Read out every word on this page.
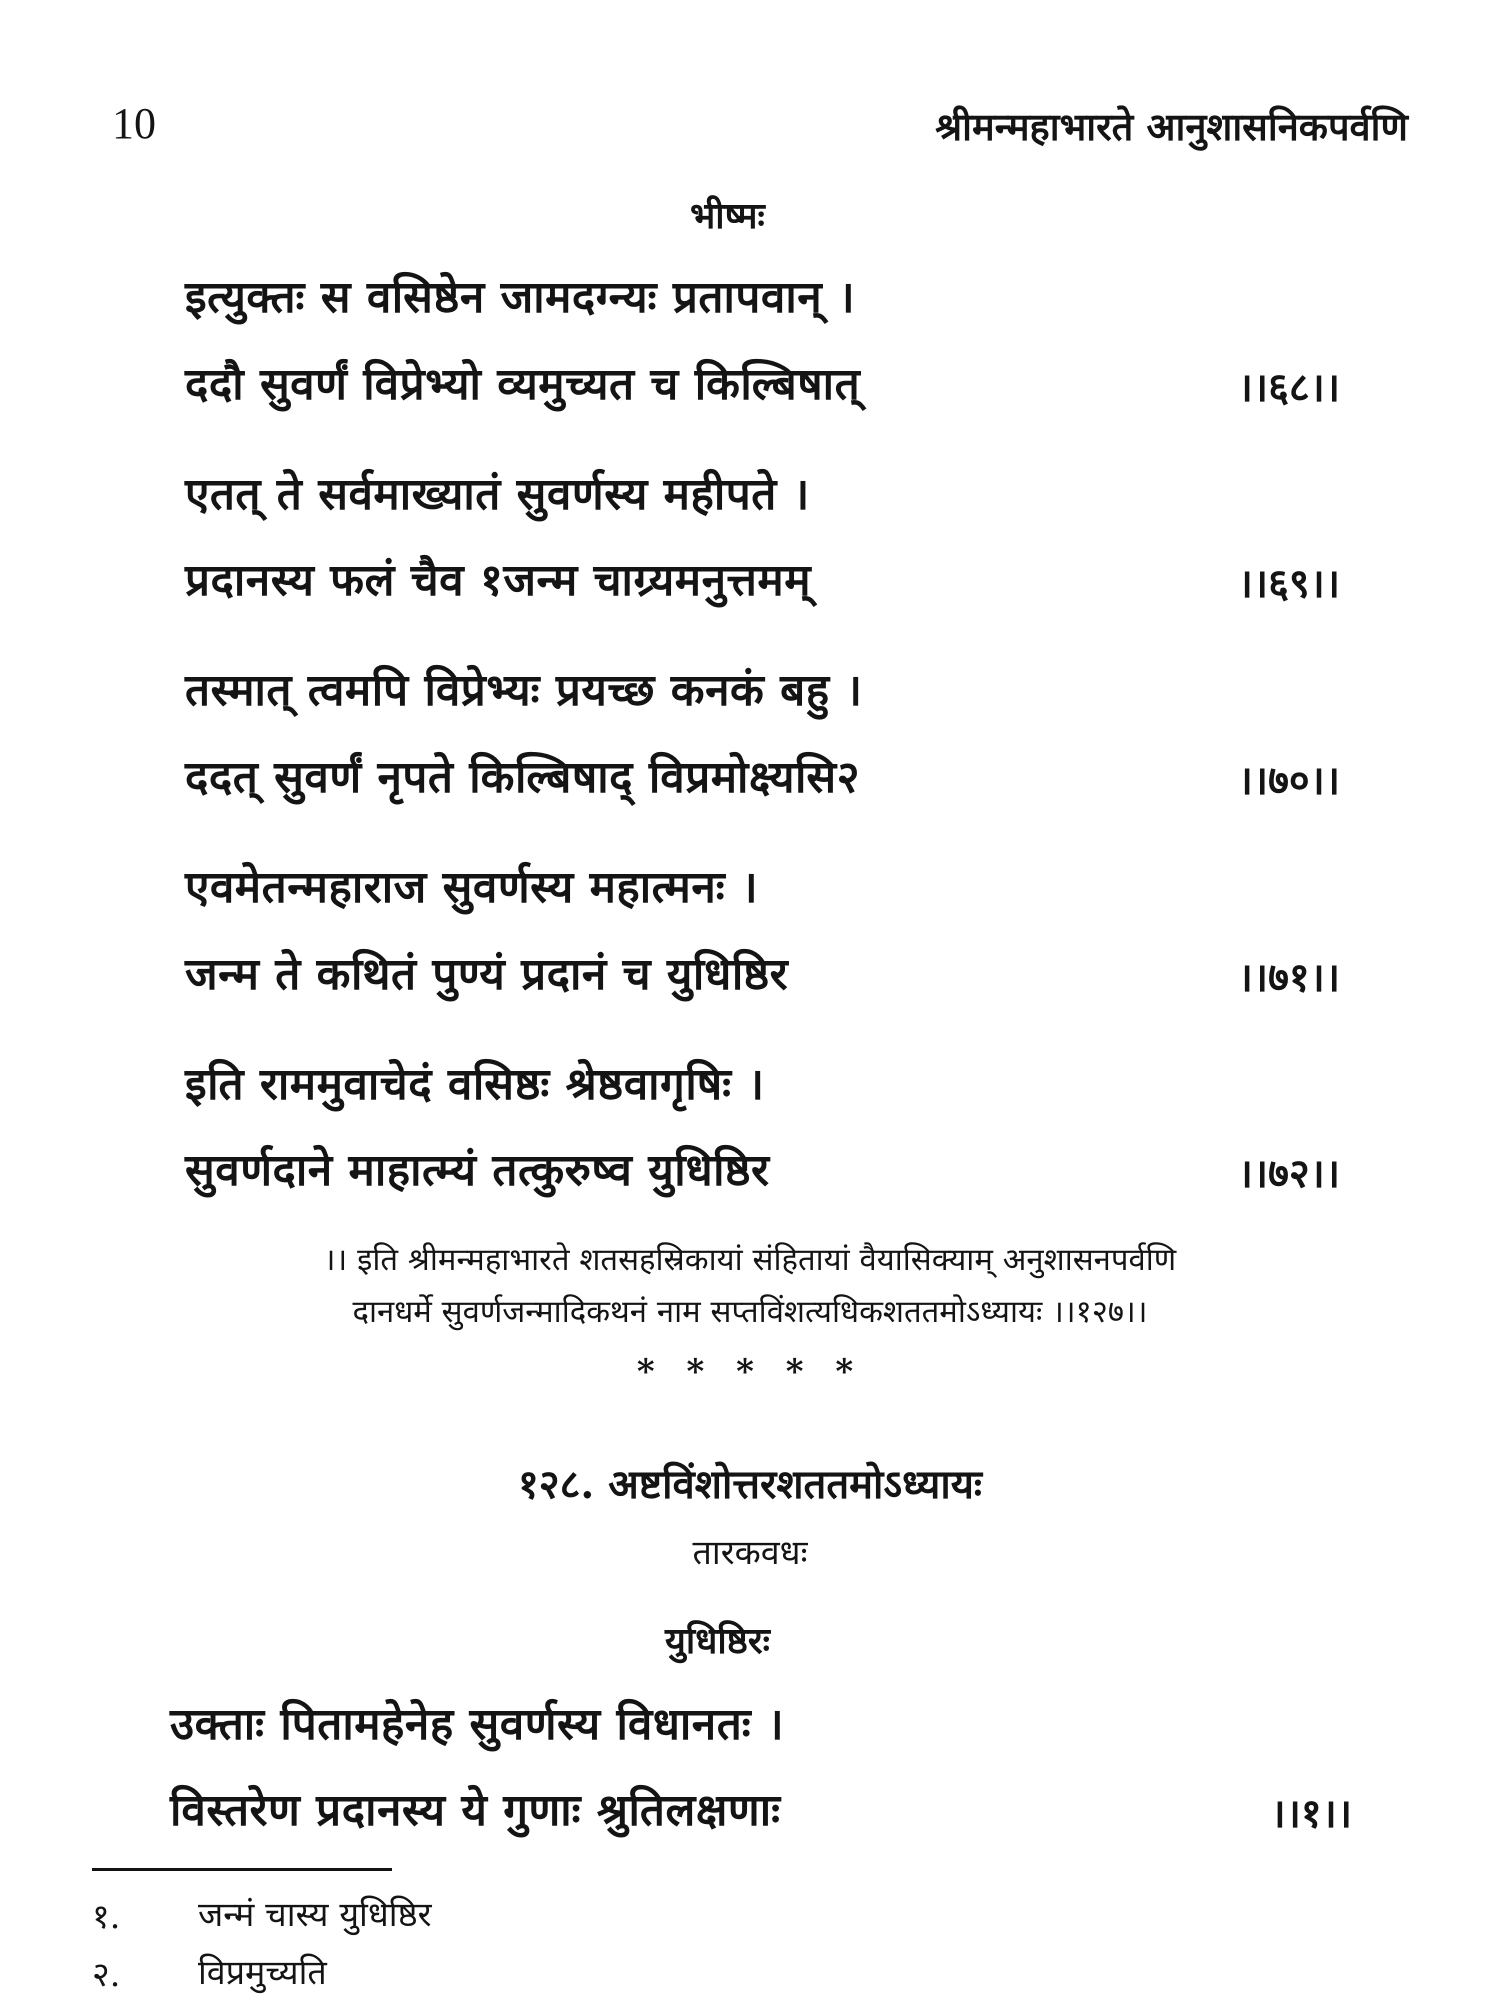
10	श्रीमन्महाभारते आनुशासनिकपर्वणि
भीष्मः
इत्युक्तः स वसिष्ठेन जामदग्न्यः प्रतापवान् ।
ददौ सुवर्णं विप्रेभ्यो व्यमुच्यत च किल्बिषात्	।।६८।।
एतत् ते सर्वमाख्यातं सुवर्णस्य महीपते ।
प्रदानस्य फलं चैव १जन्म चाग्र्यमनुत्तमम्	।।६९।।
तस्मात् त्वमपि विप्रेभ्यः प्रयच्छ कनकं बहु ।
ददत् सुवर्णं नृपते किल्बिषाद् विप्रमोक्ष्यसि२	।।७०।।
एवमेतन्महाराज सुवर्णस्य महात्मनः ।
जन्म ते कथितं पुण्यं प्रदानं च युधिष्ठिर	।।७१।।
इति राममुवाचेदं वसिष्ठः श्रेष्ठवागृषिः ।
सुवर्णदाने माहात्म्यं तत्कुरुष्व युधिष्ठिर	।।७२।।
।। इति श्रीमन्महाभारते शतसहस्रिकायां संहितायां वैयासिक्याम् अनुशासनपर्वणि
दानधर्मे सुवर्णजन्मादिकथनं नाम सप्तविंशत्यधिकशततमोऽध्यायः ।।१२७।।
* * * * *
१२८. अष्टविंशोत्तरशततमोऽध्यायः
तारकवधः
युधिष्ठिरः
उक्ताः पितामहेनेह सुवर्णस्य विधानतः ।
विस्तरेण प्रदानस्य ये गुणाः श्रुतिलक्षणाः	।।१।।
१. जन्मं चास्य युधिष्ठिर
२. विप्रमुच्यति
